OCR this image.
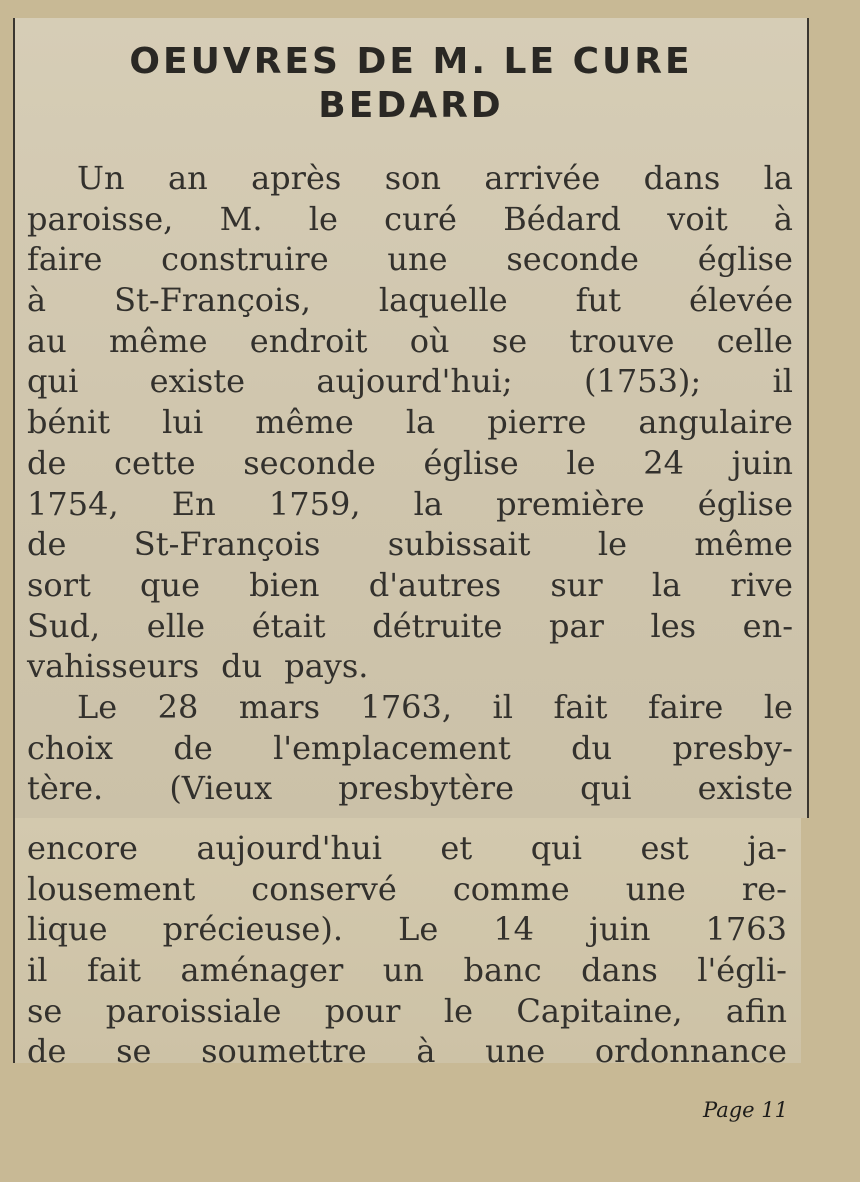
OEUVRES DE M. LE CURE
BEDARD
Un an après son arrivée dans la
paroisse, M. le curé Bédard voit à
faire construire une seconde église
à St-François, laquelle fut élevée
au même endroit où se trouve celle
qui existe aujourd'hui; (1753); il
bénit lui même la pierre angulaire
de cette seconde église le 24 juin
1754, En 1759, la première église
de St-François subissait le même
sort que bien d'autres sur la rive
Sud, elle était détruite par les en-
vahisseurs du pays.
Le 28 mars 1763, il fait faire le
choix de l'emplacement du presby-
tère. (Vieux presbytère qui existe
encore aujourd'hui et qui est ja-
lousement conservé comme une re-
lique précieuse). Le 14 juin 1763
il fait aménager un banc dans l'égli-
se paroissiale pour le Capitaine, afin
de se soumettre à une ordonnance
Page 11
